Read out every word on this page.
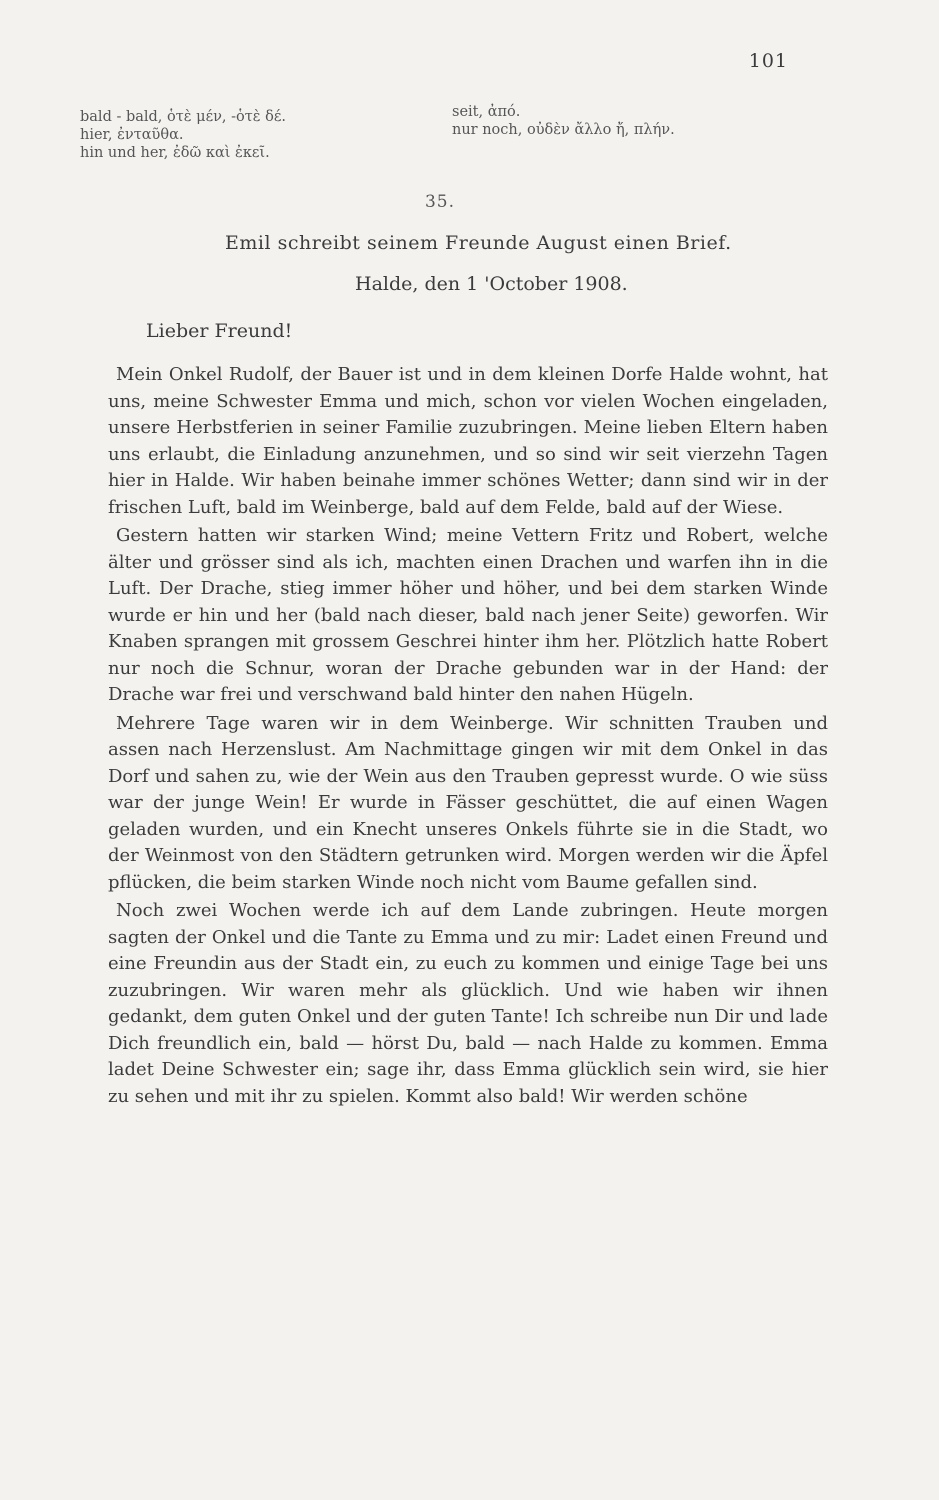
101
bald - bald, ὁτὲ μέν, -ὁτὲ δέ.
hier, ἐνταῦθα.
hin und her, ἐδῶ καὶ ἐκεῖ.
seit, ἀπό.
nur noch, οὐδὲν ἄλλο ἤ, πλήν.
35.
Emil schreibt seinem Freunde August einen Brief.
Halde, den 1 'October 1908.
Lieber Freund!

Mein Onkel Rudolf, der Bauer ist und in dem kleinen Dorfe Halde wohnt, hat uns, meine Schwester Emma und mich, schon vor vielen Wochen eingeladen, unsere Herbstferien in seiner Familie zuzubringen. Meine lieben Eltern haben uns erlaubt, die Einladung anzunehmen, und so sind wir seit vierzehn Tagen hier in Halde. Wir haben beinahe immer schönes Wetter; dann sind wir in der frischen Luft, bald im Weinberge, bald auf dem Felde, bald auf der Wiese.

Gestern hatten wir starken Wind; meine Vettern Fritz und Robert, welche älter und grösser sind als ich, machten einen Drachen und warfen ihn in die Luft. Der Drache, stieg immer höher und höher, und bei dem starken Winde wurde er hin und her (bald nach dieser, bald nach jener Seite) geworfen. Wir Knaben sprangen mit grossem Geschrei hinter ihm her. Plötzlich hatte Robert nur noch die Schnur, woran der Drache gebunden war in der Hand: der Drache war frei und verschwand bald hinter den nahen Hügeln.

Mehrere Tage waren wir in dem Weinberge. Wir schnitten Trauben und assen nach Herzenslust. Am Nachmittage gingen wir mit dem Onkel in das Dorf und sahen zu, wie der Wein aus den Trauben gepresst wurde. O wie süss war der junge Wein! Er wurde in Fässer geschüttet, die auf einen Wagen geladen wurden, und ein Knecht unseres Onkels führte sie in die Stadt, wo der Weinmost von den Städtern getrunken wird. Morgen werden wir die Äpfel pflücken, die beim starken Winde noch nicht vom Baume gefallen sind.

Noch zwei Wochen werde ich auf dem Lande zubringen. Heute morgen sagten der Onkel und die Tante zu Emma und zu mir: Ladet einen Freund und eine Freundin aus der Stadt ein, zu euch zu kommen und einige Tage bei uns zuzubringen. Wir waren mehr als glücklich. Und wie haben wir ihnen gedankt, dem guten Onkel und der guten Tante! Ich schreibe nun Dir und lade Dich freundlich ein, bald — hörst Du, bald — nach Halde zu kommen. Emma ladet Deine Schwester ein; sage ihr, dass Emma glücklich sein wird, sie hier zu sehen und mit ihr zu spielen. Kommt also bald! Wir werden schöne
